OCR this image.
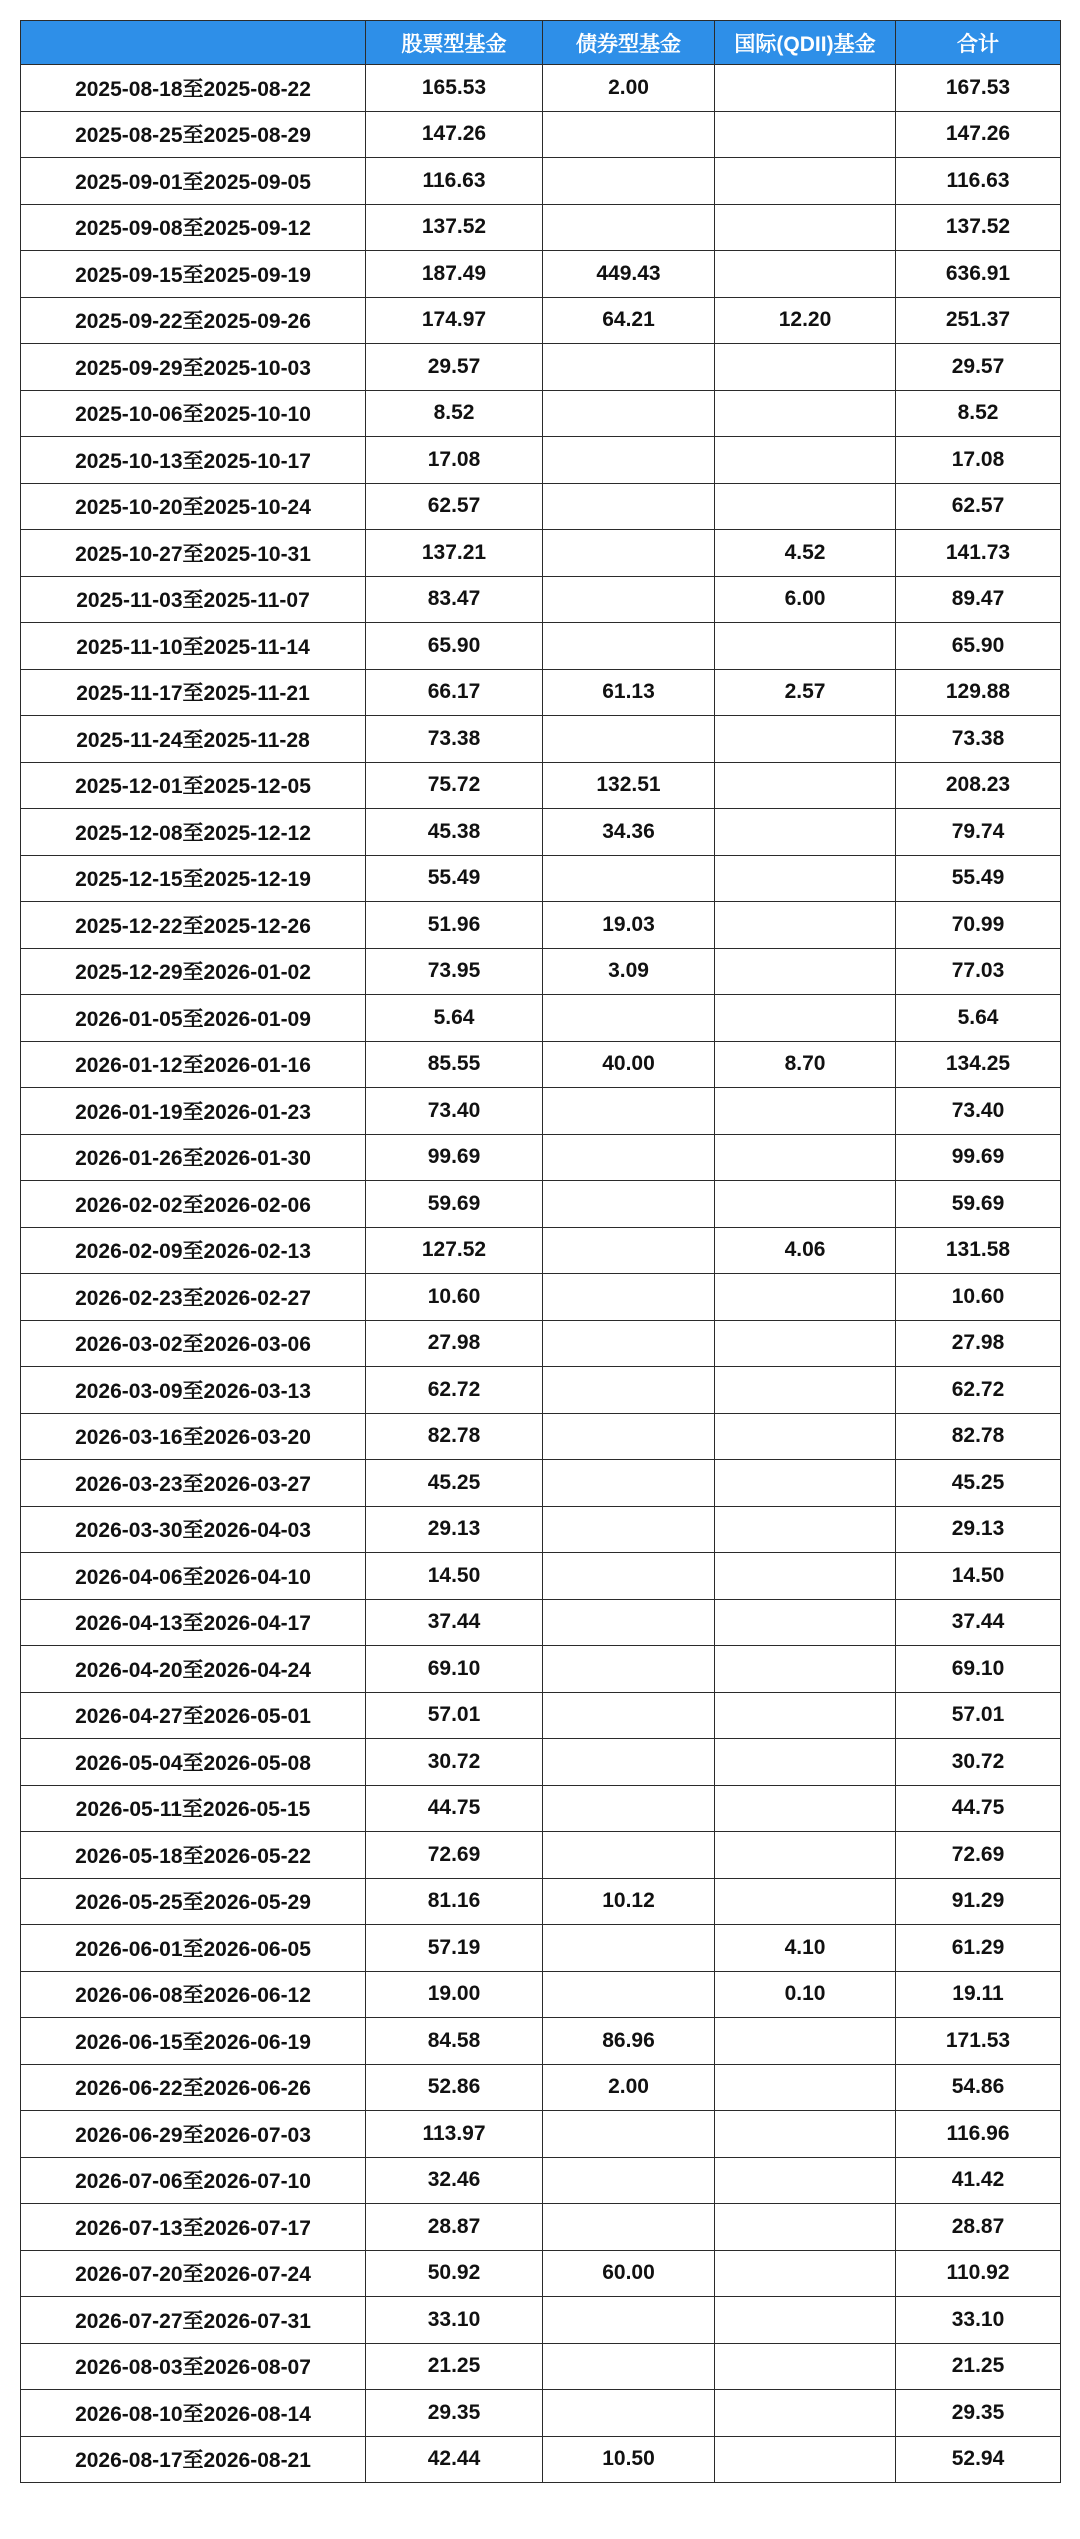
	股票型基金	债券型基金	国际(QDII)基金	合计
2025-08-18至2025-08-22	165.53	2.00		167.53
2025-08-25至2025-08-29	147.26			147.26
2025-09-01至2025-09-05	116.63			116.63
2025-09-08至2025-09-12	137.52			137.52
2025-09-15至2025-09-19	187.49	449.43		636.91
2025-09-22至2025-09-26	174.97	64.21	12.20	251.37
2025-09-29至2025-10-03	29.57			29.57
2025-10-06至2025-10-10	8.52			8.52
2025-10-13至2025-10-17	17.08			17.08
2025-10-20至2025-10-24	62.57			62.57
2025-10-27至2025-10-31	137.21		4.52	141.73
2025-11-03至2025-11-07	83.47		6.00	89.47
2025-11-10至2025-11-14	65.90			65.90
2025-11-17至2025-11-21	66.17	61.13	2.57	129.88
2025-11-24至2025-11-28	73.38			73.38
2025-12-01至2025-12-05	75.72	132.51		208.23
2025-12-08至2025-12-12	45.38	34.36		79.74
2025-12-15至2025-12-19	55.49			55.49
2025-12-22至2025-12-26	51.96	19.03		70.99
2025-12-29至2026-01-02	73.95	3.09		77.03
2026-01-05至2026-01-09	5.64			5.64
2026-01-12至2026-01-16	85.55	40.00	8.70	134.25
2026-01-19至2026-01-23	73.40			73.40
2026-01-26至2026-01-30	99.69			99.69
2026-02-02至2026-02-06	59.69			59.69
2026-02-09至2026-02-13	127.52		4.06	131.58
2026-02-23至2026-02-27	10.60			10.60
2026-03-02至2026-03-06	27.98			27.98
2026-03-09至2026-03-13	62.72			62.72
2026-03-16至2026-03-20	82.78			82.78
2026-03-23至2026-03-27	45.25			45.25
2026-03-30至2026-04-03	29.13			29.13
2026-04-06至2026-04-10	14.50			14.50
2026-04-13至2026-04-17	37.44			37.44
2026-04-20至2026-04-24	69.10			69.10
2026-04-27至2026-05-01	57.01			57.01
2026-05-04至2026-05-08	30.72			30.72
2026-05-11至2026-05-15	44.75			44.75
2026-05-18至2026-05-22	72.69			72.69
2026-05-25至2026-05-29	81.16	10.12		91.29
2026-06-01至2026-06-05	57.19		4.10	61.29
2026-06-08至2026-06-12	19.00		0.10	19.11
2026-06-15至2026-06-19	84.58	86.96		171.53
2026-06-22至2026-06-26	52.86	2.00		54.86
2026-06-29至2026-07-03	113.97			116.96
2026-07-06至2026-07-10	32.46			41.42
2026-07-13至2026-07-17	28.87			28.87
2026-07-20至2026-07-24	50.92	60.00		110.92
2026-07-27至2026-07-31	33.10			33.10
2026-08-03至2026-08-07	21.25			21.25
2026-08-10至2026-08-14	29.35			29.35
2026-08-17至2026-08-21	42.44	10.50		52.94
